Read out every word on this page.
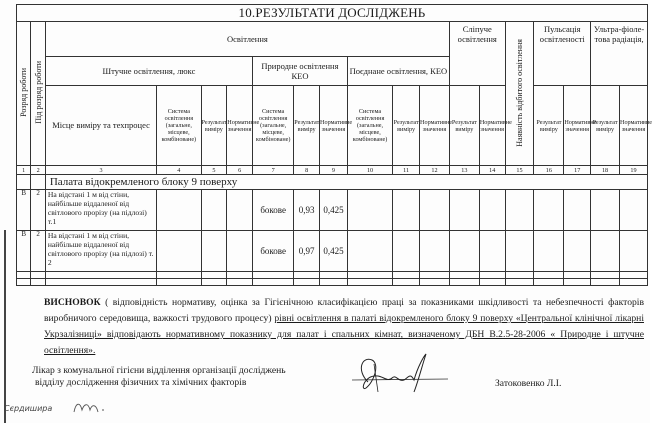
10.РЕЗУЛЬТАТИ ДОСЛІДЖЕНЬ																		
Розряд роботи	Під розряд роботи	Освітлення										Сліпуче освітлення		Наявність відбитого освітлення	Пульсація освітленості		Ультра-фіоле-това радіація,	
		Штучне освітлення, люкс				Природне освітлення КЕО			Поєднане освітлення, КЕО									
		Місце виміру та техпроцес	Система освітлення (загальне, місцеве, комбіноване)	Результат виміру	Нормативне значення	Система освітлення (загальне, місцеве, комбіноване)	Результат виміру	Нормативне значення	Система освітлення (загальне, місцеве, комбіноване)	Результат виміру	Нормативне значення	Результат виміру	Нормативне значення		Результат виміру	Нормативне значення	Результат виміру	Нормативне значення
1	2	3	4	5	6	7	8	9	10	11	12	13	14	15	16	17	18	19
		Палата відокремленого блоку 9 поверху																
В	2	На відстані 1 м від стіни, найбільше віддаленої від світлового прорізу (на підлозі) т.1				бокове	0,93	0,425										
В	2	На відстані 1 м від стіни, найбільше віддаленої від світлового прорізу (на підлозі) т. 2				бокове	0,97	0,425										

ВИСНОВОК ( відповідність нормативу, оцінка за Гігієнічною класифікацією праці за показниками шкідливості та небезпечності факторів виробничого середовища, важкості трудового процесу) рівні освітлення в палаті відокремленого блоку 9 поверху «Центральної клінічної лікарні Укрзалізниці» відповідають нормативному показнику для палат і спальних кімнат, визначеному ДБН В.2.5-28-2006 « Природне і штучне освітлення».
Лікар з комунальної гігієни відділення організації досліджень
відділу дослідження фізичних та хімічних факторів	Затоковенко Л.І.
Сєрдишира
